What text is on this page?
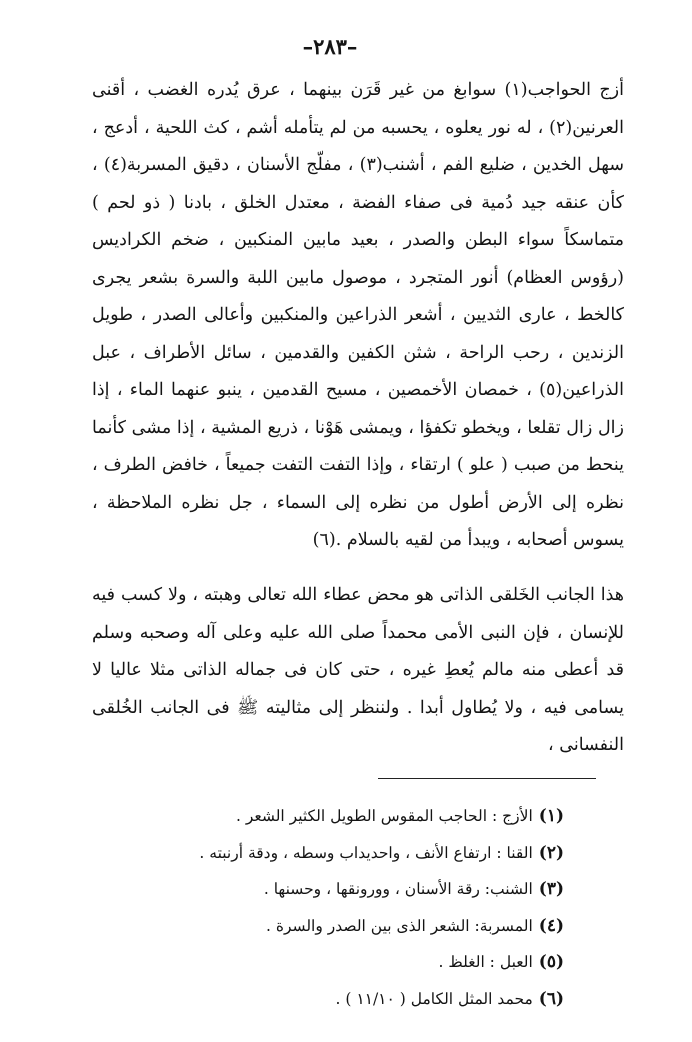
–٢٨٣–

أزج الحواجب(١) سوابغ من غير قَرَن بينهما ، عرق يُدره الغضب ، أقنى العرنين(٢) ، له نور يعلوه ، يحسبه من لم يتأمله أشم ، كث اللحية ، أدعج ، سهل الخدين ، ضليع الفم ، أشنب(٣) ، مفلّج الأسنان ، دقيق المسربة(٤) ، كأن عنقه جيد دُمية فى صفاء الفضة ، معتدل الخلق ، بادنا ( ذو لحم ) متماسكاً سواء البطن والصدر ، بعيد مابين المنكبين ، ضخم الكراديس (رؤوس العظام) أنور المتجرد ، موصول مابين اللبة والسرة بشعر يجرى كالخط ، عارى الثديين ، أشعر الذراعين والمنكبين وأعالى الصدر ، طويل الزندين ، رحب الراحة ، شثن الكفين والقدمين ، سائل الأطراف ، عبل الذراعين(٥) ، خمصان الأخمصين ، مسيح القدمين ، ينبو عنهما الماء ، إذا زال زال تقلعا ، ويخطو تكفؤا ، ويمشى هَوْنا ، ذريع المشية ، إذا مشى كأنما ينحط من صبب ( علو ) ارتقاء ، وإذا التفت التفت جميعاً ، خافض الطرف ، نظره إلى الأرض أطول من نظره إلى السماء ، جل نظره الملاحظة ، يسوس أصحابه ، ويبدأ من لقيه بالسلام .(٦)

هذا الجانب الخَلقى الذاتى هو محض عطاء الله تعالى وهبته ، ولا كسب فيه للإنسان ، فإن النبى الأمى محمداً صلى الله عليه وعلى آله وصحبه وسلم قد أعطى منه مالم يُعطِ غيره ، حتى كان فى جماله الذاتى مثلا عاليا لا يسامى فيه ، ولا يُطاول أبدا . ولننظر إلى مثاليته ﷺ فى الجانب الخُلقى النفسانى ،

(١)الأزج : الحاجب المقوس الطويل الكثير الشعر .
(٢)القنا : ارتفاع الأنف ، واحديداب وسطه ، ودقة أرنبته .
(٣)الشنب: رقة الأسنان ، وورونقها ، وحسنها .
(٤)المسربة: الشعر الذى بين الصدر والسرة .
(٥)العبل : الغلظ .
(٦)محمد المثل الكامل ( ١١/١٠ ) .
